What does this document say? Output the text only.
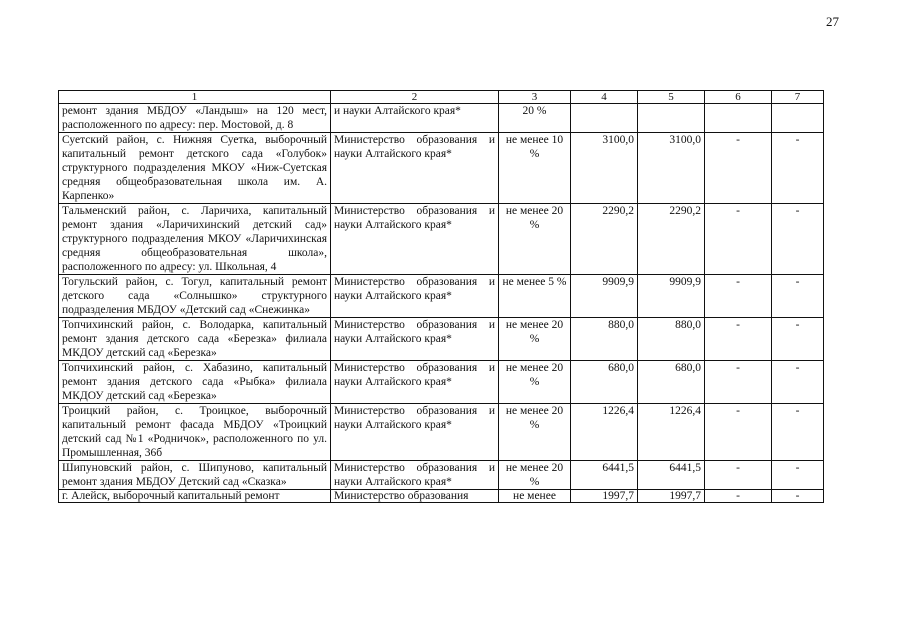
27
1	2	3	4	5	6	7
ремонт здания МБДОУ «Ландыш» на 120 мест, расположенного по адресу: пер. Мостовой, д. 8	и науки Алтайского края*	20 %				
Суетский район, с. Нижняя Суетка, выборочный капитальный ремонт детского сада «Голубок» структурного подразделения МКОУ «Ниж-Суетская средняя общеобразовательная школа им. А. Карпенко»	Министерство образования и науки Алтайского края*	не менее 10 %	3100,0	3100,0	-	-
Тальменский район, с. Ларичиха, капитальный ремонт здания «Ларичихинский детский сад» структурного подразделения МКОУ «Ларичихинская средняя общеобразовательная школа», расположенного по адресу: ул. Школьная, 4	Министерство образования и науки Алтайского края*	не менее 20 %	2290,2	2290,2	-	-
Тогульский район, с. Тогул, капитальный ремонт детского сада «Солнышко» структурного подразделения МБДОУ «Детский сад «Снежинка»	Министерство образования и науки Алтайского края*	не менее 5 %	9909,9	9909,9	-	-
Топчихинский район, с. Володарка, капитальный ремонт здания детского сада «Березка» филиала МКДОУ детский сад «Березка»	Министерство образования и науки Алтайского края*	не менее 20 %	880,0	880,0	-	-
Топчихинский район, с. Хабазино, капитальный ремонт здания детского сада «Рыбка» филиала МКДОУ детский сад «Березка»	Министерство образования и науки Алтайского края*	не менее 20 %	680,0	680,0	-	-
Троицкий район, с. Троицкое, выборочный капитальный ремонт фасада МБДОУ «Троицкий детский сад №1 «Родничок», расположенного по ул. Промышленная, 36б	Министерство образования и науки Алтайского края*	не менее 20 %	1226,4	1226,4	-	-
Шипуновский район, с. Шипуново, капитальный ремонт здания МБДОУ Детский сад «Сказка»	Министерство образования и науки Алтайского края*	не менее 20 %	6441,5	6441,5	-	-
г. Алейск, выборочный капитальный ремонт	Министерство образования	не менее	1997,7	1997,7	-	-
